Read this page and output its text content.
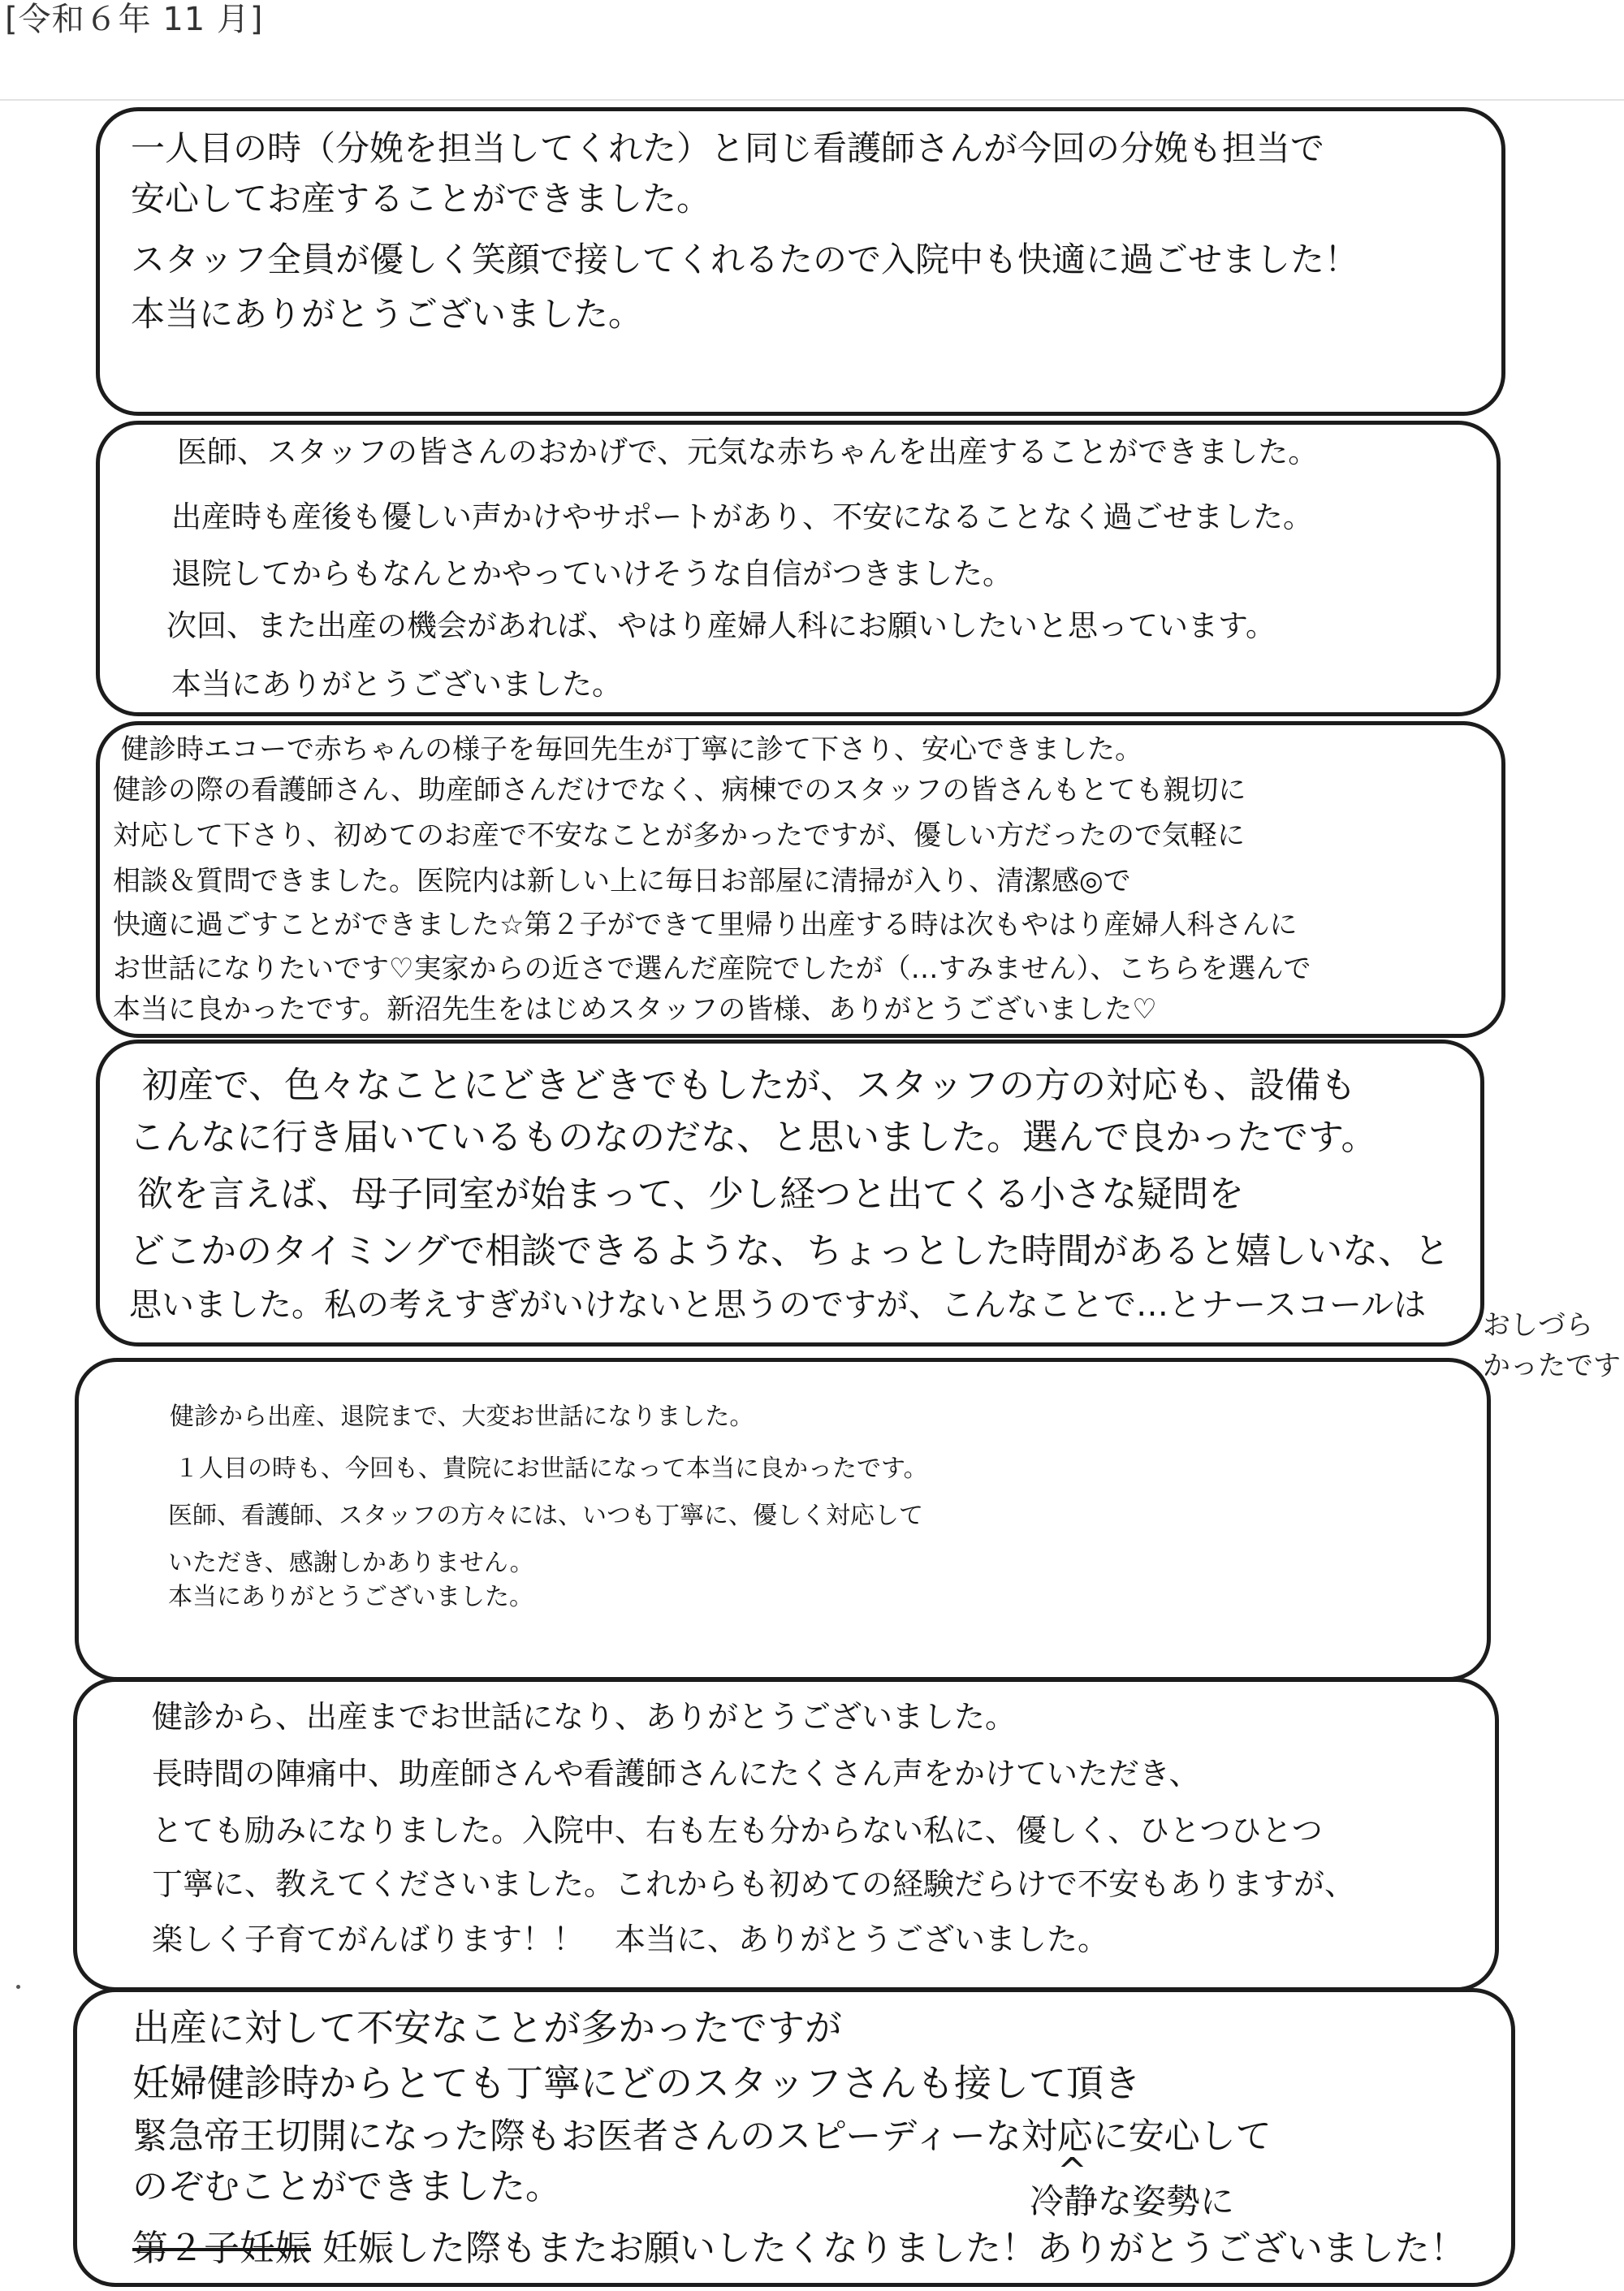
[令和６年 11 月]
一人目の時（分娩を担当してくれた）と同じ看護師さんが今回の分娩も担当で
安心してお産することができました。
スタッフ全員が優しく笑顔で接してくれるたので入院中も快適に過ごせました！
本当にありがとうございました。
医師、スタッフの皆さんのおかげで、元気な赤ちゃんを出産することができました。
出産時も産後も優しい声かけやサポートがあり、不安になることなく過ごせました。
退院してからもなんとかやっていけそうな自信がつきました。
次回、また出産の機会があれば、やはり産婦人科にお願いしたいと思っています。
本当にありがとうございました。
健診時エコーで赤ちゃんの様子を毎回先生が丁寧に診て下さり、安心できました。
健診の際の看護師さん、助産師さんだけでなく、病棟でのスタッフの皆さんもとても親切に
対応して下さり、初めてのお産で不安なことが多かったですが、優しい方だったので気軽に
相談＆質問できました。医院内は新しい上に毎日お部屋に清掃が入り、清潔感◎で
快適に過ごすことができました☆第２子ができて里帰り出産する時は次もやはり産婦人科さんに
お世話になりたいです♡実家からの近さで選んだ産院でしたが（…すみません）、こちらを選んで
本当に良かったです。新沼先生をはじめスタッフの皆様、ありがとうございました♡
初産で、色々なことにどきどきでもしたが、スタッフの方の対応も、設備も
こんなに行き届いているものなのだな、と思いました。選んで良かったです。
欲を言えば、母子同室が始まって、少し経つと出てくる小さな疑問を
どこかのタイミングで相談できるような、ちょっとした時間があると嬉しいな、と
思いました。私の考えすぎがいけないと思うのですが、こんなことで…とナースコールは
おしづら
かったです
健診から出産、退院まで、大変お世話になりました。
１人目の時も、今回も、貴院にお世話になって本当に良かったです。
医師、看護師、スタッフの方々には、いつも丁寧に、優しく対応して
いただき、感謝しかありません。
本当にありがとうございました。
健診から、出産までお世話になり、ありがとうございました。
長時間の陣痛中、助産師さんや看護師さんにたくさん声をかけていただき、
とても励みになりました。入院中、右も左も分からない私に、優しく、ひとつひとつ
丁寧に、教えてくださいました。これからも初めての経験だらけで不安もありますが、
楽しく子育てがんばります！！　本当に、ありがとうございました。
出産に対して不安なことが多かったですが
妊婦健診時からとても丁寧にどのスタッフさんも接して頂き
緊急帝王切開になった際もお医者さんのスピーディーな対応に安心して
のぞむことができました。
第２子妊娠 妊娠した際もまたお願いしたくなりました！ありがとうございました！
^
冷静な姿勢に
